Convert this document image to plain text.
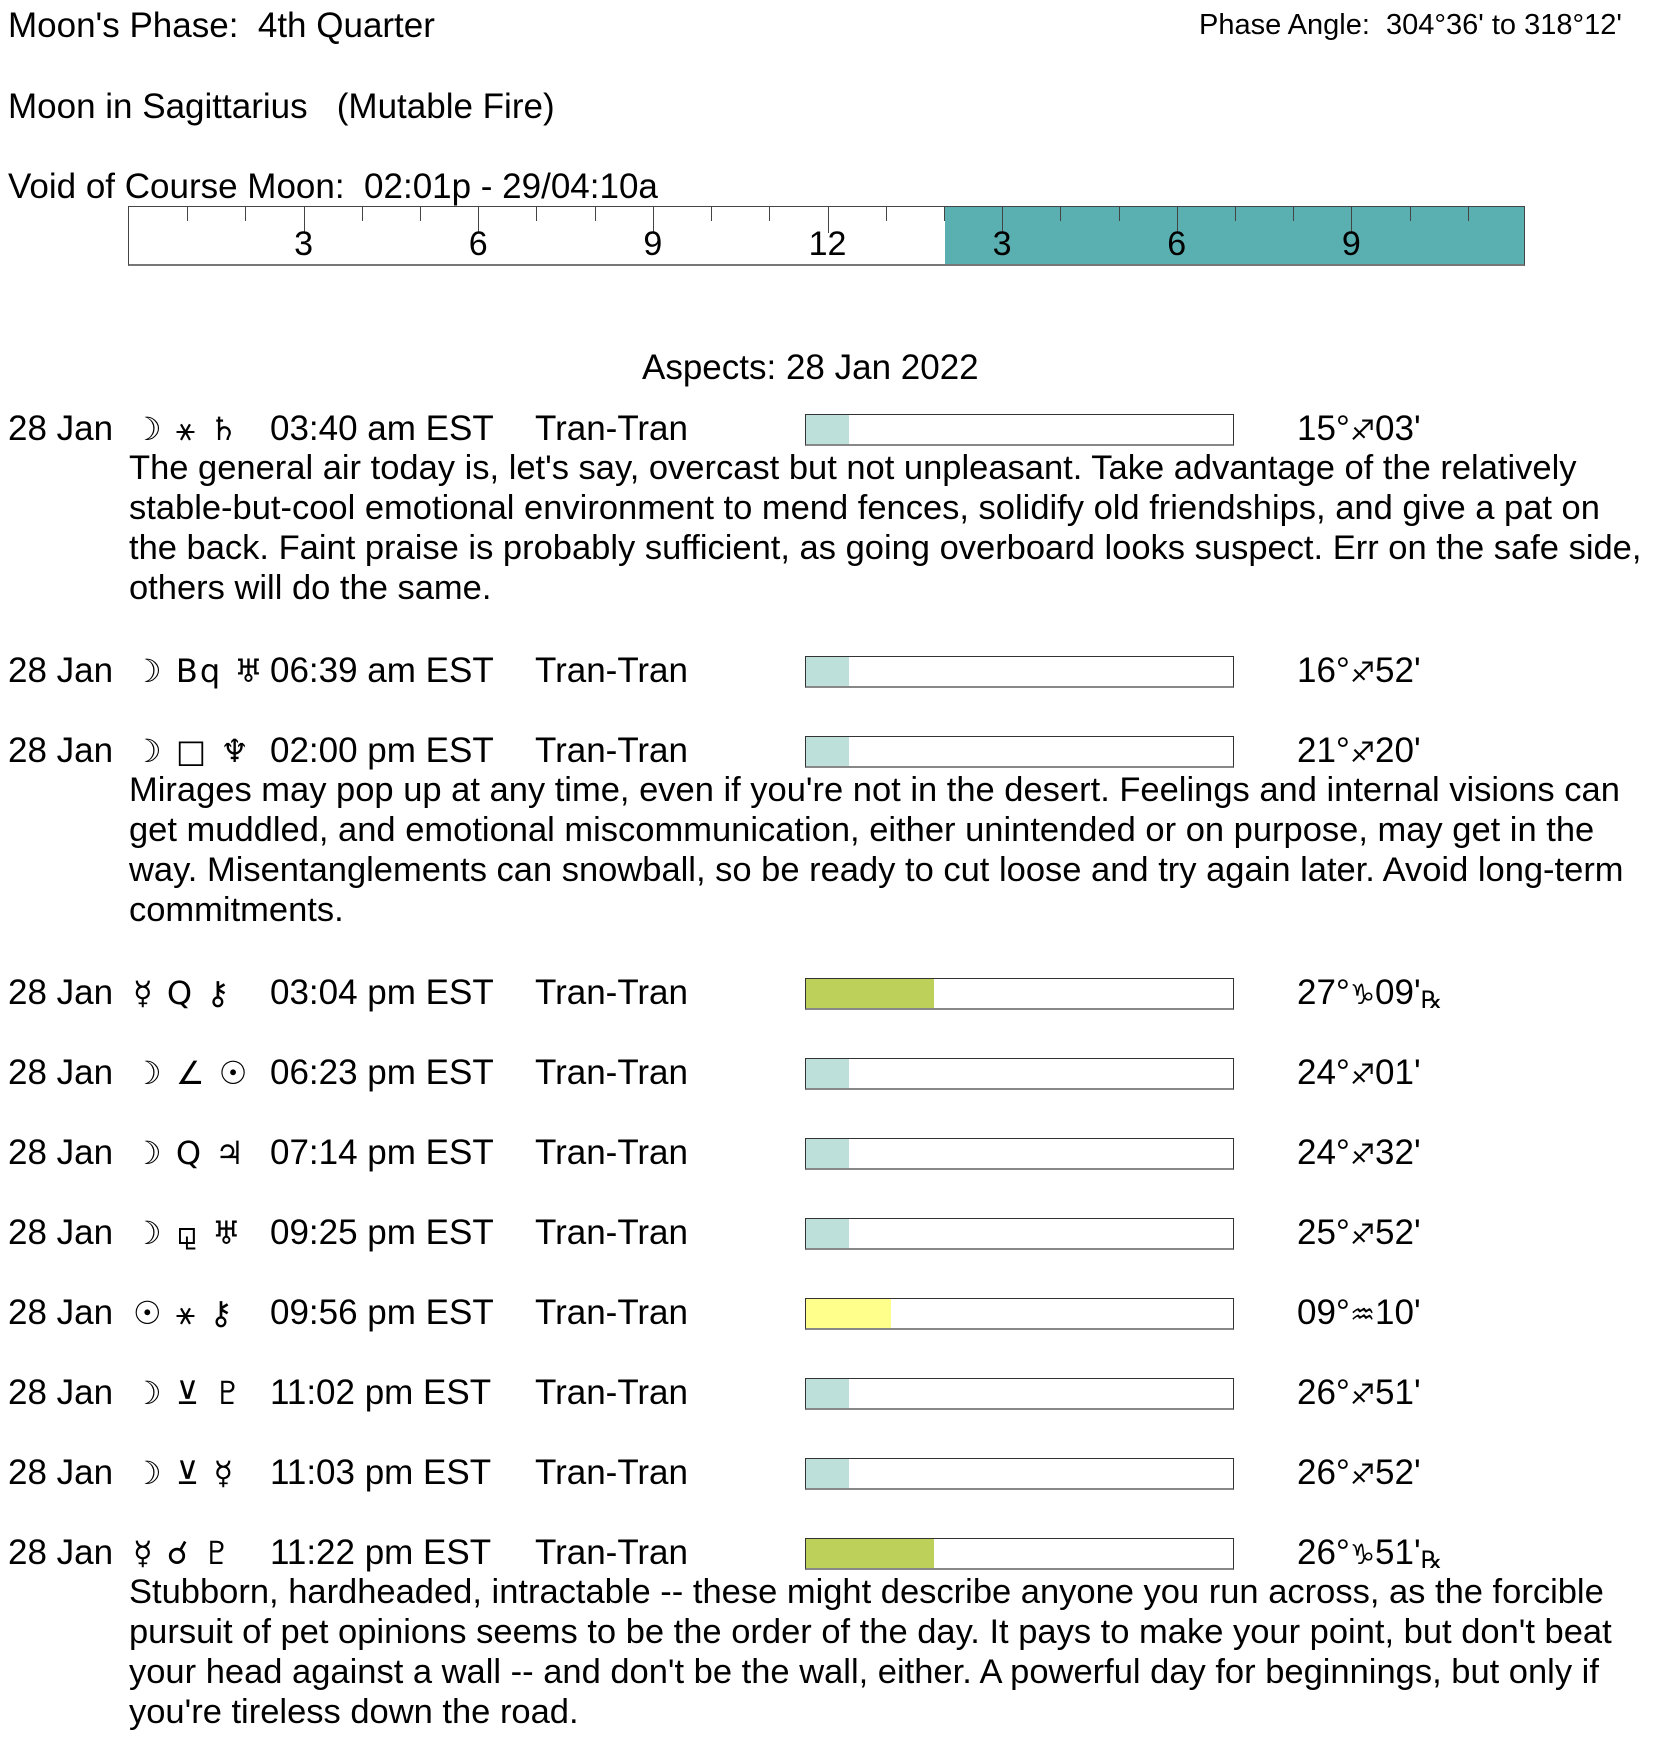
Moon's Phase:  4th Quarter	Phase Angle:  304°36' to 318°12'
Moon in Sagittarius   (Mutable Fire)
Void of Course Moon:  02:01p - 29/04:10a
3	6	9	12	3	6	9
Aspects: 28 Jan 2022
28 Jan ☽ ⚹ ♄ 03:40 am EST Tran-Tran	15°♐03'
The general air today is, let's say, overcast but not unpleasant. Take advantage of the relatively stable-but-cool emotional environment to mend fences, solidify old friendships, and give a pat on the back. Faint praise is probably sufficient, as going overboard looks suspect. Err on the safe side, others will do the same.
28 Jan ☽ Bq ♅ 06:39 am EST Tran-Tran	16°♐52'
28 Jan ☽ □ ♆ 02:00 pm EST Tran-Tran	21°♐20'
Mirages may pop up at any time, even if you're not in the desert. Feelings and internal visions can get muddled, and emotional miscommunication, either unintended or on purpose, may get in the way. Misentanglements can snowball, so be ready to cut loose and try again later. Avoid long-term commitments.
28 Jan ☿ Q ⚷ 03:04 pm EST Tran-Tran	27°♑09'℞
28 Jan ☽ ∠ ☉ 06:23 pm EST Tran-Tran	24°♐01'
28 Jan ☽ Q ♃ 07:14 pm EST Tran-Tran	24°♐32'
28 Jan ☽ ⚼ ♅ 09:25 pm EST Tran-Tran	25°♐52'
28 Jan ☉ ⚹ ⚷ 09:56 pm EST Tran-Tran	09°♒10'
28 Jan ☽ ⊻ ♇ 11:02 pm EST Tran-Tran	26°♐51'
28 Jan ☽ ⊻ ☿ 11:03 pm EST Tran-Tran	26°♐52'
28 Jan ☿ ☌ ♇ 11:22 pm EST Tran-Tran	26°♑51'℞
Stubborn, hardheaded, intractable -- these might describe anyone you run across, as the forcible pursuit of pet opinions seems to be the order of the day. It pays to make your point, but don't beat your head against a wall -- and don't be the wall, either. A powerful day for beginnings, but only if you're tireless down the road.
